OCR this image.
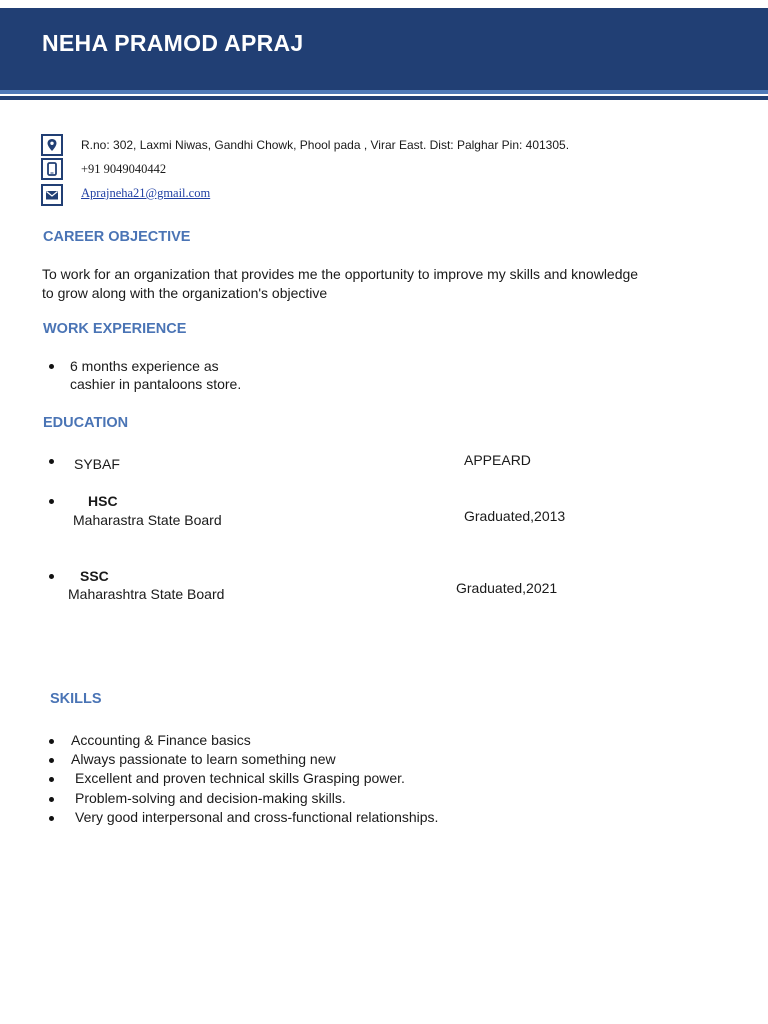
NEHA PRAMOD APRAJ
R.no: 302, Laxmi Niwas, Gandhi Chowk, Phool pada , Virar East. Dist: Palghar Pin: 401305.
+91 9049040442
Aprajneha21@gmail.com
CAREER OBJECTIVE
To work for an organization that provides me the opportunity to improve my skills and knowledge
to grow along with the organization's objective
WORK EXPERIENCE
6 months experience as
cashier in pantaloons store.
EDUCATION
SYBAF	APPEARD
HSC
Maharastra State Board	Graduated,2013
SSC
Maharashtra State Board	Graduated,2021
SKILLS
Accounting & Finance basics
Always passionate to learn something new
Excellent and proven technical skills Grasping power.
Problem-solving and decision-making skills.
Very good interpersonal and cross-functional relationships.
